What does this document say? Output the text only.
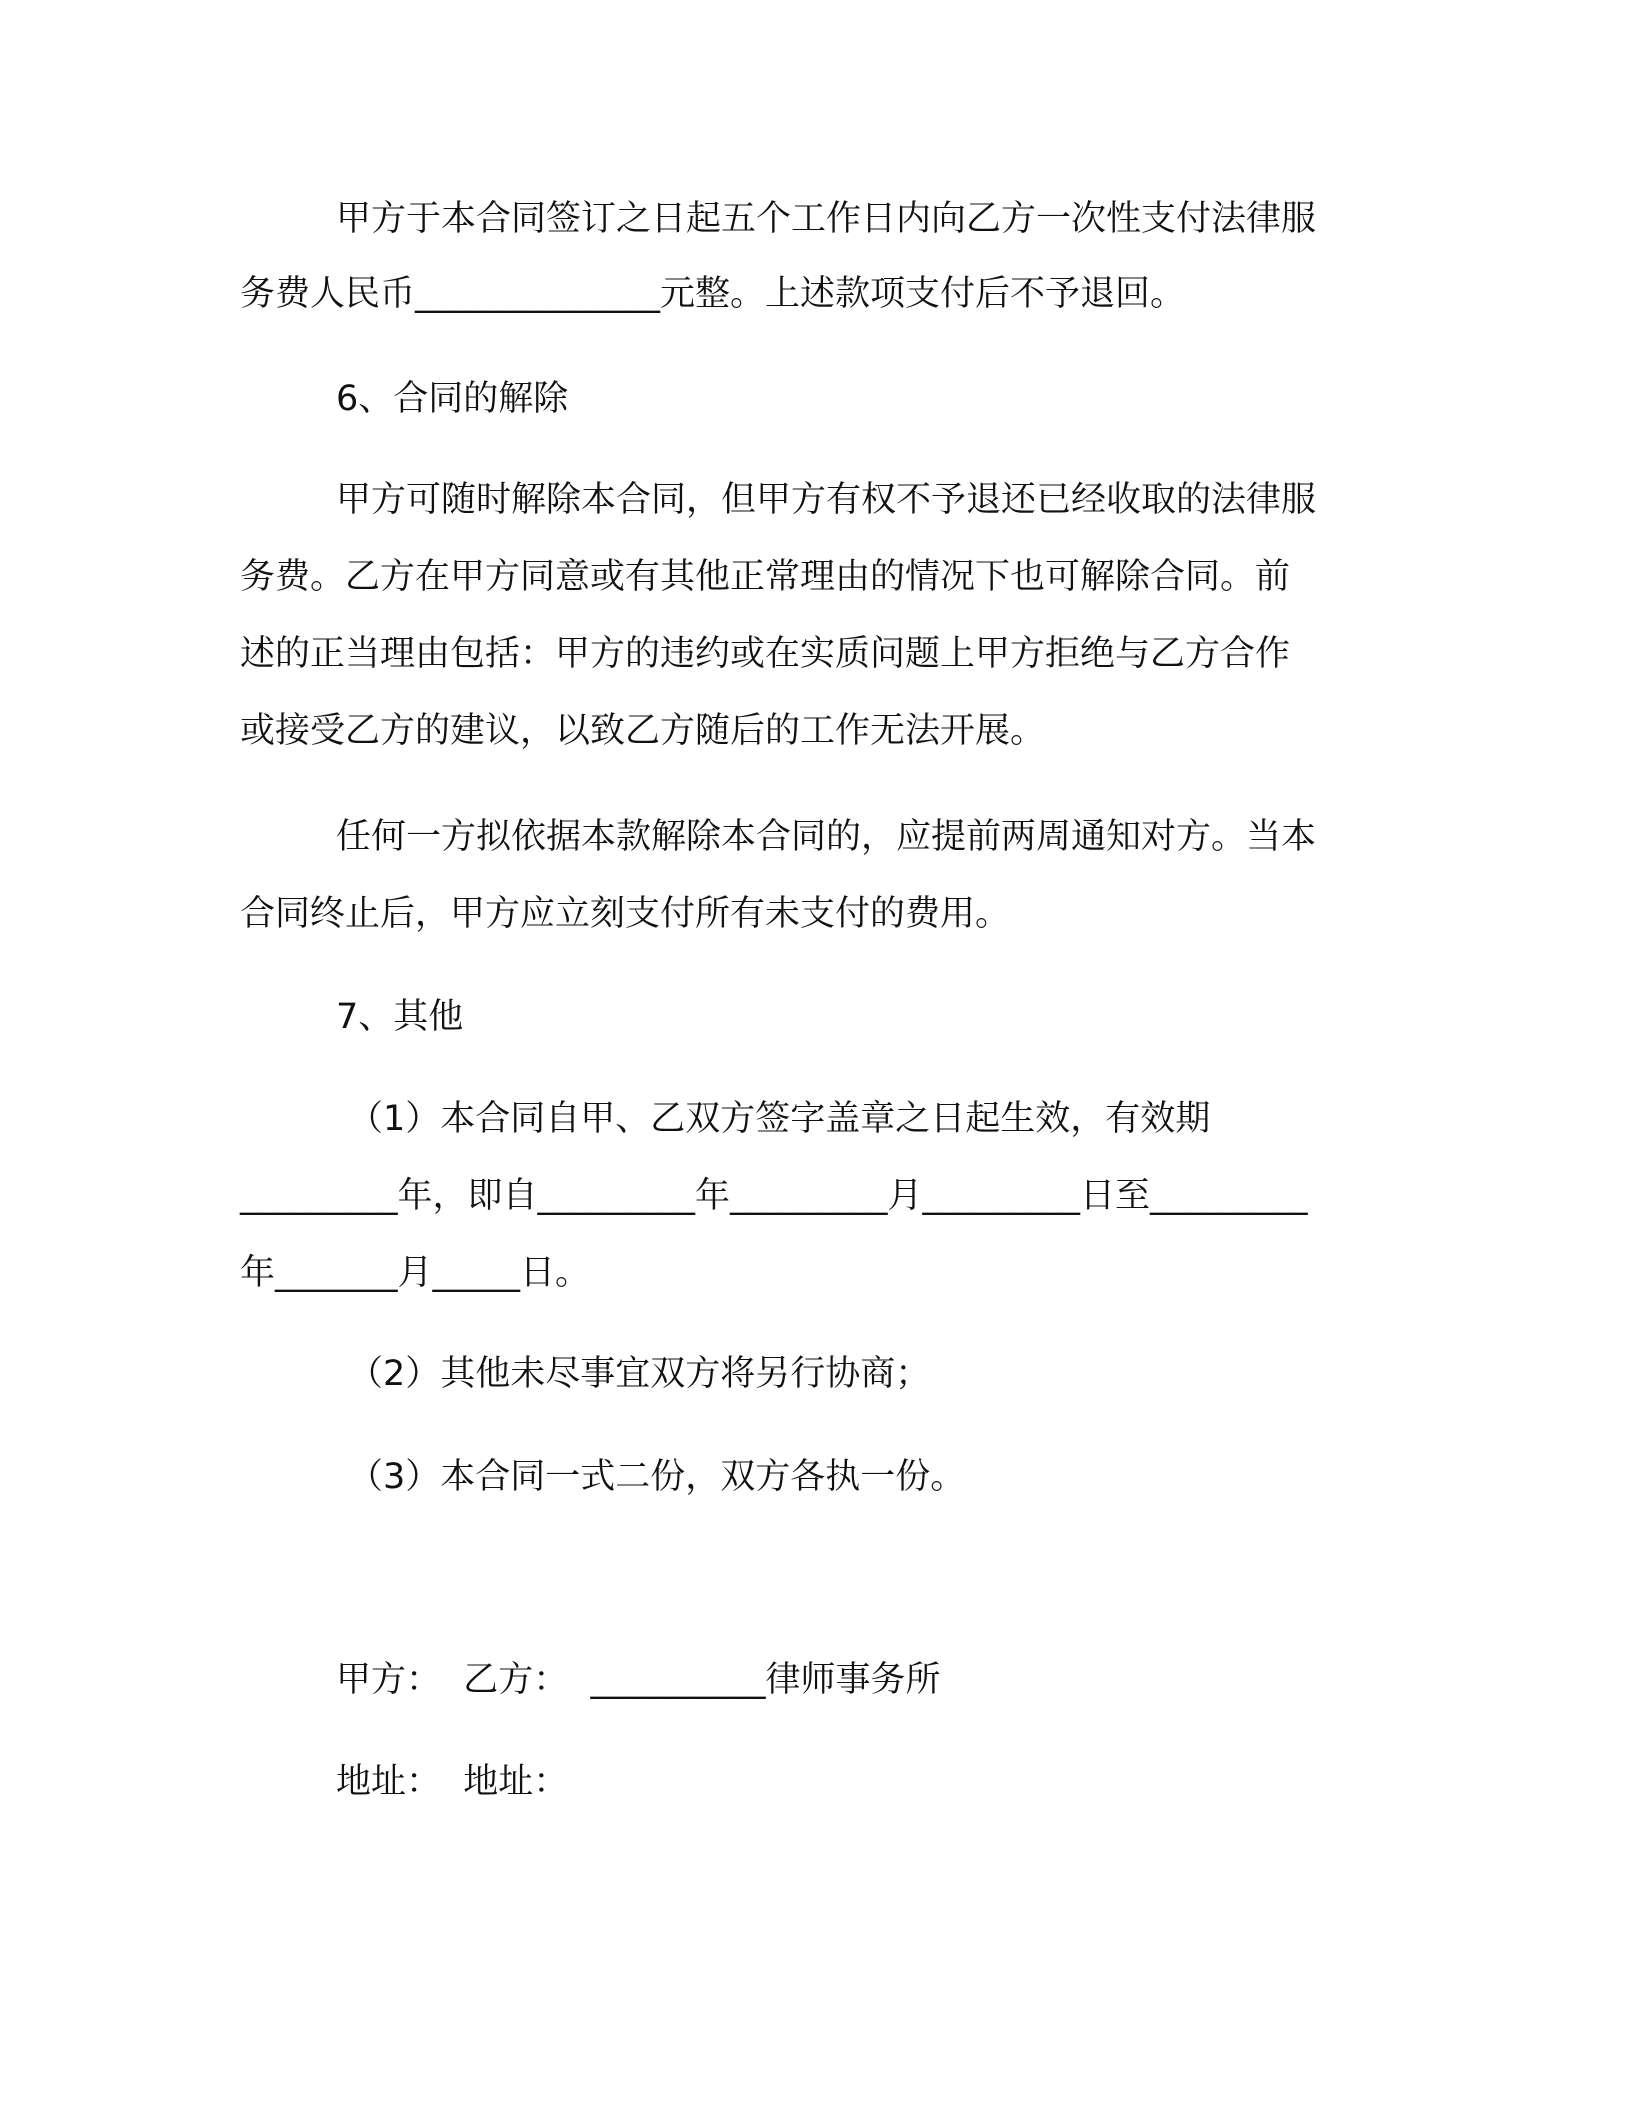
甲方于本合同签订之日起五个工作日内向乙方一次性支付法律服

务费人民币______________元整。上述款项支付后不予退回。

6、合同的解除

甲方可随时解除本合同，但甲方有权不予退还已经收取的法律服

务费。乙方在甲方同意或有其他正常理由的情况下也可解除合同。前

述的正当理由包括：甲方的违约或在实质问题上甲方拒绝与乙方合作

或接受乙方的建议，以致乙方随后的工作无法开展。

任何一方拟依据本款解除本合同的，应提前两周通知对方。当本

合同终止后，甲方应立刻支付所有未支付的费用。

7、其他

（1）本合同自甲、乙双方签字盖章之日起生效，有效期

_________年，即自_________年_________月_________日至_________

年_______月_____日。

（2）其他未尽事宜双方将另行协商；

（3）本合同一式二份，双方各执一份。

甲方：  乙方：  __________律师事务所

地址：  地址：
